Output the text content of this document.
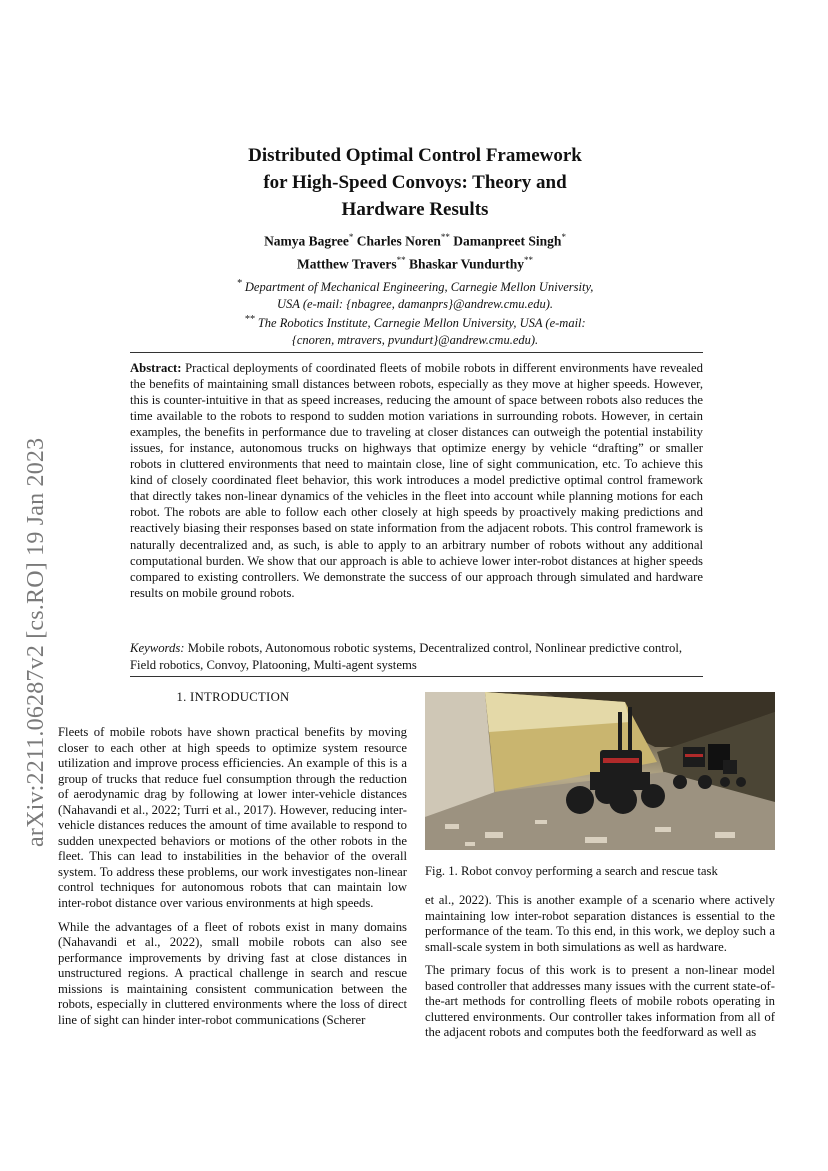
arXiv:2211.06287v2 [cs.RO] 19 Jan 2023
Distributed Optimal Control Framework
for High-Speed Convoys: Theory and
Hardware Results
Namya Bagree* Charles Noren** Damanpreet Singh*
Matthew Travers** Bhaskar Vundurthy**
* Department of Mechanical Engineering, Carnegie Mellon University,
USA (e-mail: {nbagree, damanprs}@andrew.cmu.edu).
** The Robotics Institute, Carnegie Mellon University, USA (e-mail:
{cnoren, mtravers, pvundurt}@andrew.cmu.edu).
Abstract: Practical deployments of coordinated fleets of mobile robots in different environments have revealed the benefits of maintaining small distances between robots, especially as they move at higher speeds. However, this is counter-intuitive in that as speed increases, reducing the amount of space between robots also reduces the time available to the robots to respond to sudden motion variations in surrounding robots. However, in certain examples, the benefits in performance due to traveling at closer distances can outweigh the potential instability issues, for instance, autonomous trucks on highways that optimize energy by vehicle “drafting” or smaller robots in cluttered environments that need to maintain close, line of sight communication, etc. To achieve this kind of closely coordinated fleet behavior, this work introduces a model predictive optimal control framework that directly takes non-linear dynamics of the vehicles in the fleet into account while planning motions for each robot. The robots are able to follow each other closely at high speeds by proactively making predictions and reactively biasing their responses based on state information from the adjacent robots. This control framework is naturally decentralized and, as such, is able to apply to an arbitrary number of robots without any additional computational burden. We show that our approach is able to achieve lower inter-robot distances at higher speeds compared to existing controllers. We demonstrate the success of our approach through simulated and hardware results on mobile ground robots.
Keywords: Mobile robots, Autonomous robotic systems, Decentralized control, Nonlinear predictive control, Field robotics, Convoy, Platooning, Multi-agent systems
1. INTRODUCTION

Fleets of mobile robots have shown practical benefits by moving closer to each other at high speeds to optimize system resource utilization and improve process efficiencies. An example of this is a group of trucks that reduce fuel consumption through the reduction of aerodynamic drag by following at lower inter-vehicle distances (Nahavandi et al., 2022; Turri et al., 2017). However, reducing inter-vehicle distances reduces the amount of time available to respond to sudden unexpected behaviors or motions of the other robots in the fleet. This can lead to instabilities in the behavior of the overall system. To address these problems, our work investigates non-linear control techniques for autonomous robots that can maintain low inter-robot distance over various environments at high speeds.

While the advantages of a fleet of robots exist in many domains (Nahavandi et al., 2022), small mobile robots can also see performance improvements by driving fast at close distances in unstructured regions. A practical challenge in search and rescue missions is maintaining consistent communication between the robots, especially in cluttered environments where the loss of direct line of sight can hinder inter-robot communications (Scherer

Fig. 1. Robot convoy performing a search and rescue task

et al., 2022). This is another example of a scenario where actively maintaining low inter-robot separation distances is essential to the performance of the team. To this end, in this work, we deploy such a small-scale system in both simulations as well as hardware.

The primary focus of this work is to present a non-linear model based controller that addresses many issues with the current state-of-the-art methods for controlling fleets of mobile robots operating in cluttered environments. Our controller takes information from all of the adjacent robots and computes both the feedforward as well as
